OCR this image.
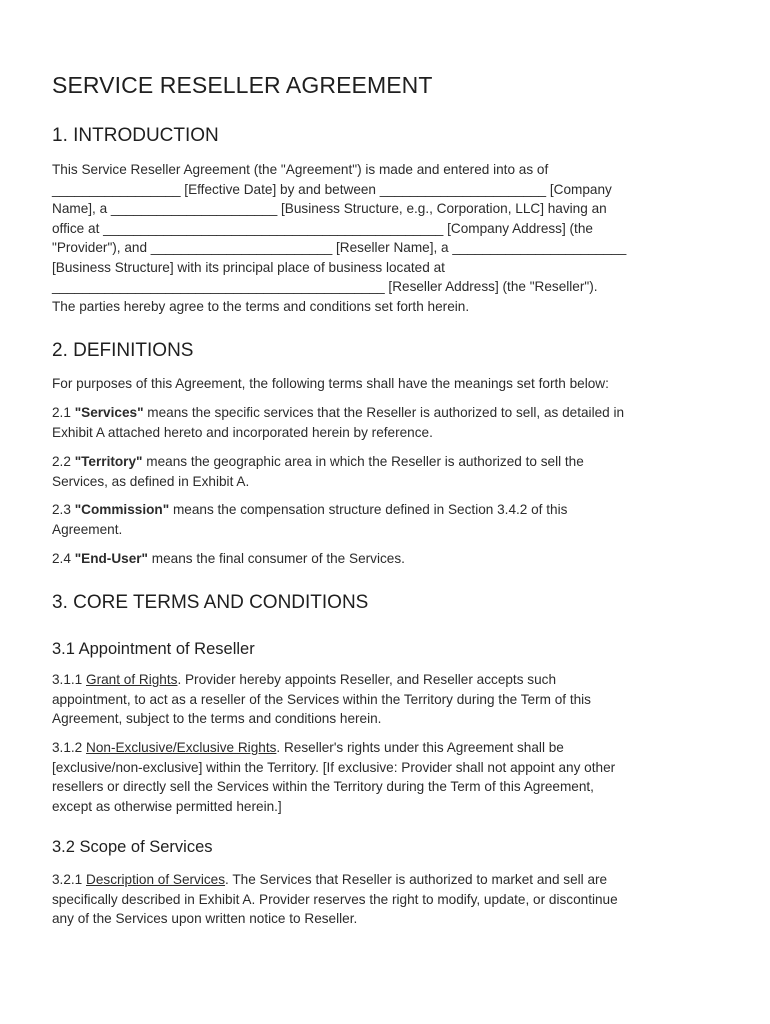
SERVICE RESELLER AGREEMENT
1. INTRODUCTION

This Service Reseller Agreement (the "Agreement") is made and entered into as of
_________________ [Effective Date] by and between ______________________ [Company
Name], a ______________________ [Business Structure, e.g., Corporation, LLC] having an
office at _____________________________________________ [Company Address] (the
"Provider"), and ________________________ [Reseller Name], a _______________________
[Business Structure] with its principal place of business located at
____________________________________________ [Reseller Address] (the "Reseller").
The parties hereby agree to the terms and conditions set forth herein.

2. DEFINITIONS

For purposes of this Agreement, the following terms shall have the meanings set forth below:

2.1 "Services" means the specific services that the Reseller is authorized to sell, as detailed in
Exhibit A attached hereto and incorporated herein by reference.

2.2 "Territory" means the geographic area in which the Reseller is authorized to sell the
Services, as defined in Exhibit A.

2.3 "Commission" means the compensation structure defined in Section 3.4.2 of this
Agreement.

2.4 "End-User" means the final consumer of the Services.

3. CORE TERMS AND CONDITIONS
3.1 Appointment of Reseller

3.1.1 Grant of Rights. Provider hereby appoints Reseller, and Reseller accepts such
appointment, to act as a reseller of the Services within the Territory during the Term of this
Agreement, subject to the terms and conditions herein.

3.1.2 Non-Exclusive/Exclusive Rights. Reseller's rights under this Agreement shall be
[exclusive/non-exclusive] within the Territory. [If exclusive: Provider shall not appoint any other
resellers or directly sell the Services within the Territory during the Term of this Agreement,
except as otherwise permitted herein.]

3.2 Scope of Services

3.2.1 Description of Services. The Services that Reseller is authorized to market and sell are
specifically described in Exhibit A. Provider reserves the right to modify, update, or discontinue
any of the Services upon written notice to Reseller.
